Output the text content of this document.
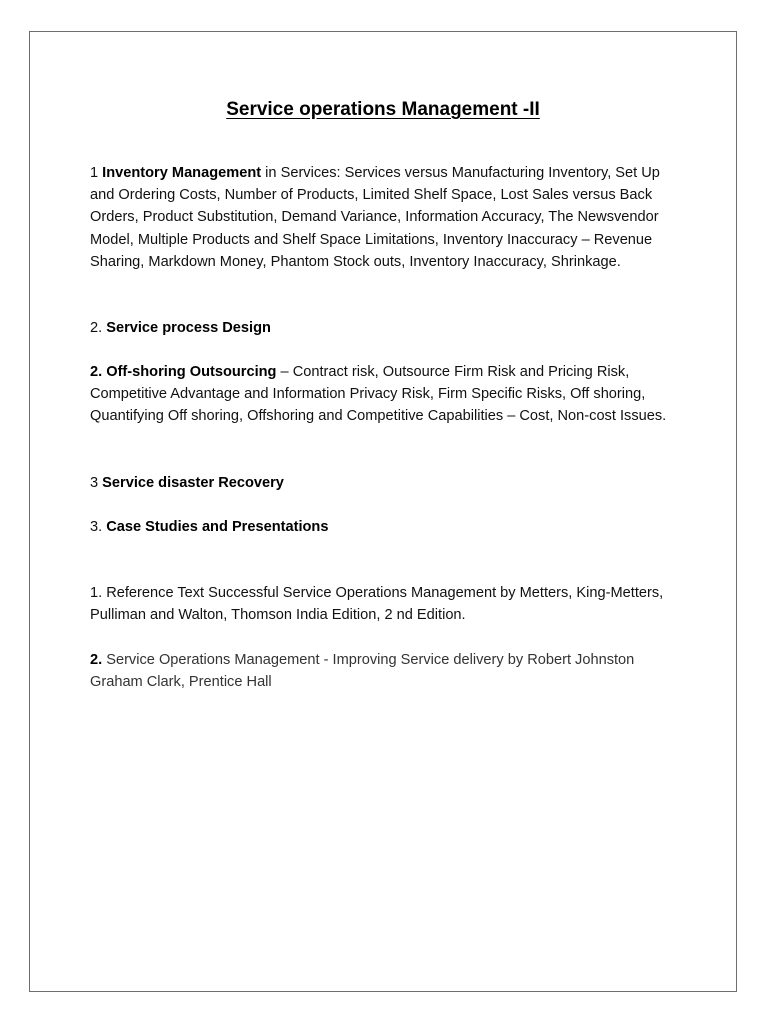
Service operations Management -II

1 Inventory Management in Services: Services versus Manufacturing Inventory, Set Up and Ordering Costs, Number of Products, Limited Shelf Space, Lost Sales versus Back Orders, Product Substitution, Demand Variance, Information Accuracy, The Newsvendor Model, Multiple Products and Shelf Space Limitations, Inventory Inaccuracy – Revenue Sharing, Markdown Money, Phantom Stock outs, Inventory Inaccuracy, Shrinkage.

2. Service process Design

2. Off-shoring Outsourcing – Contract risk, Outsource Firm Risk and Pricing Risk, Competitive Advantage and Information Privacy Risk, Firm Specific Risks, Off shoring, Quantifying Off shoring, Offshoring and Competitive Capabilities – Cost, Non-cost Issues.

3 Service disaster Recovery

3. Case Studies and Presentations

1. Reference Text Successful Service Operations Management by Metters, King-Metters, Pulliman and Walton, Thomson India Edition, 2 nd Edition.

2. Service Operations Management - Improving Service delivery by Robert Johnston Graham Clark, Prentice Hall
